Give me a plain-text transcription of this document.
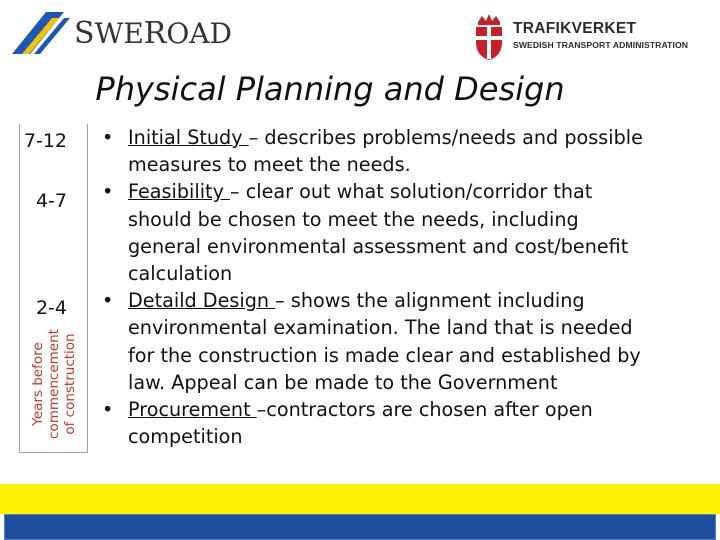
SWEROAD	TRAFIKVERKET
SWEDISH TRANSPORT ADMINISTRATION
Physical Planning and Design
7-12
4-7
2-4
Years before commencement of construction
• Initial Study – describes problems/needs and possible measures to meet the needs.
• Feasibility – clear out what solution/corridor that should be chosen to meet the needs, including general environmental assessment and cost/benefit calculation
• Detaild Design – shows the alignment including environmental examination. The land that is needed for the construction is made clear and established by law. Appeal can be made to the Government
• Procurement –contractors are chosen after open competition
